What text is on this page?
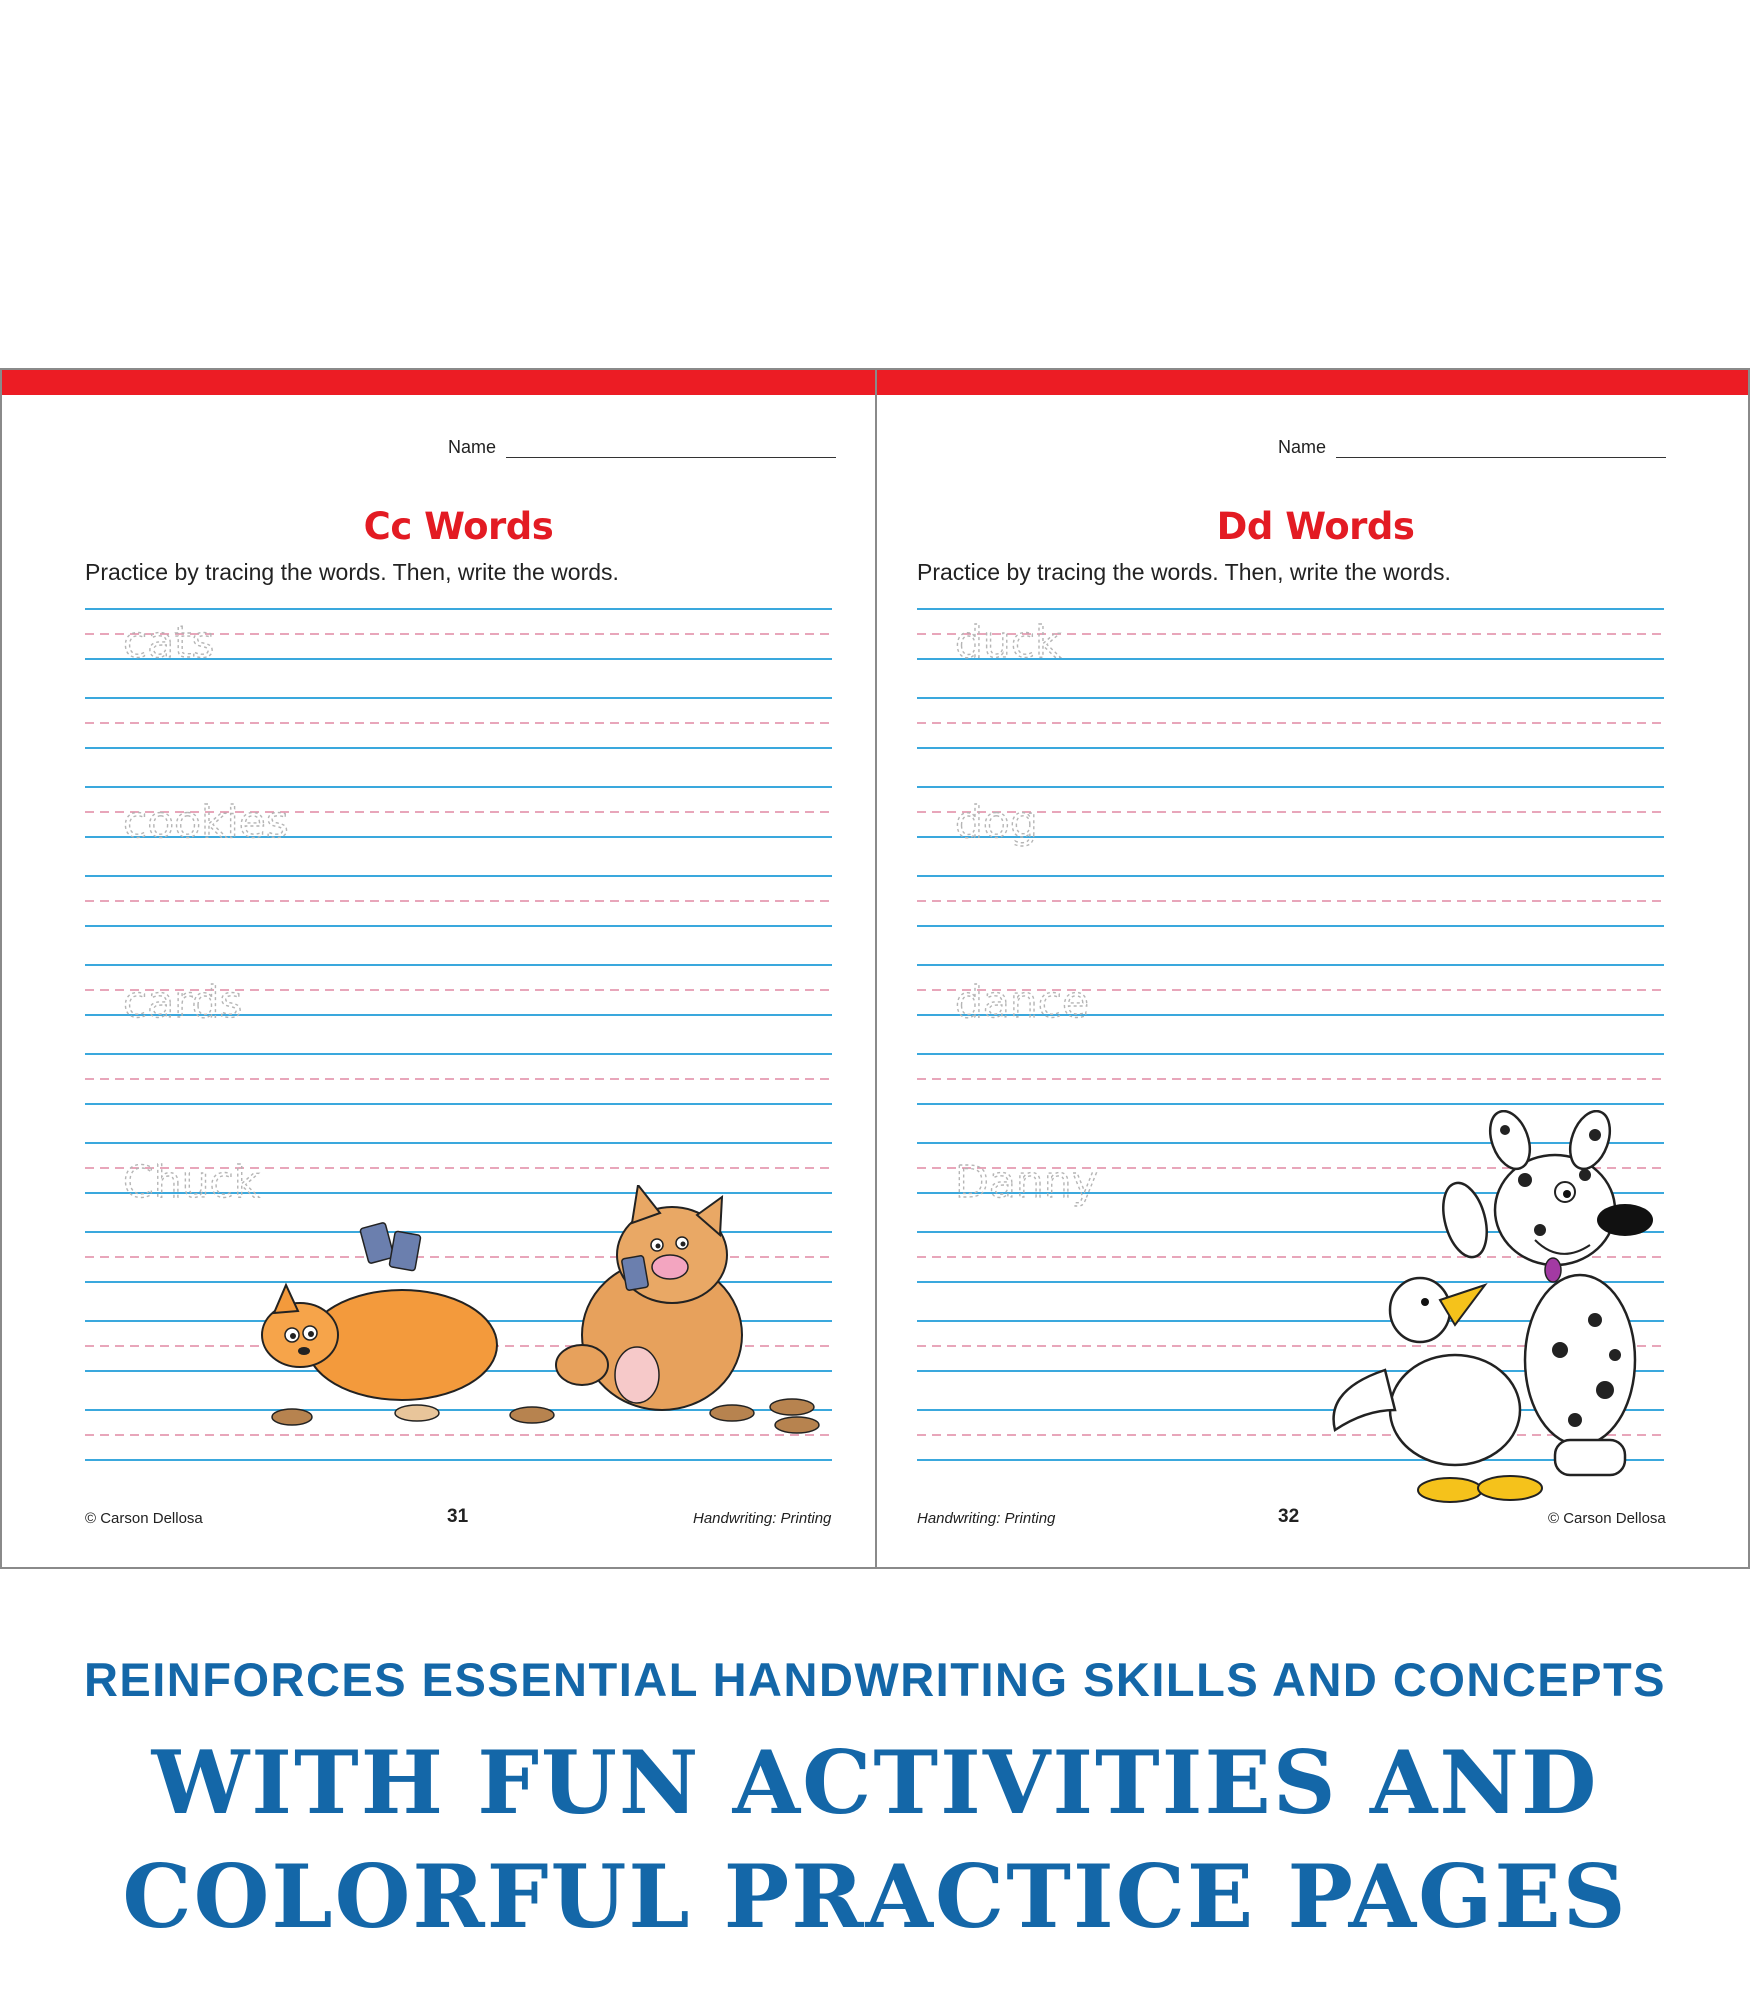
cats
cookies
cards
Chuck
Name
Cc Words
Practice by tracing the words. Then, write the words.
© Carson Dellosa	31	Handwriting: Printing
duck
dog
dance
Danny
Name
Dd Words
Practice by tracing the words. Then, write the words.
Handwriting: Printing	32	© Carson Dellosa
REINFORCES ESSENTIAL HANDWRITING SKILLS AND CONCEPTS
WITH FUN ACTIVITIES AND
COLORFUL PRACTICE PAGES
